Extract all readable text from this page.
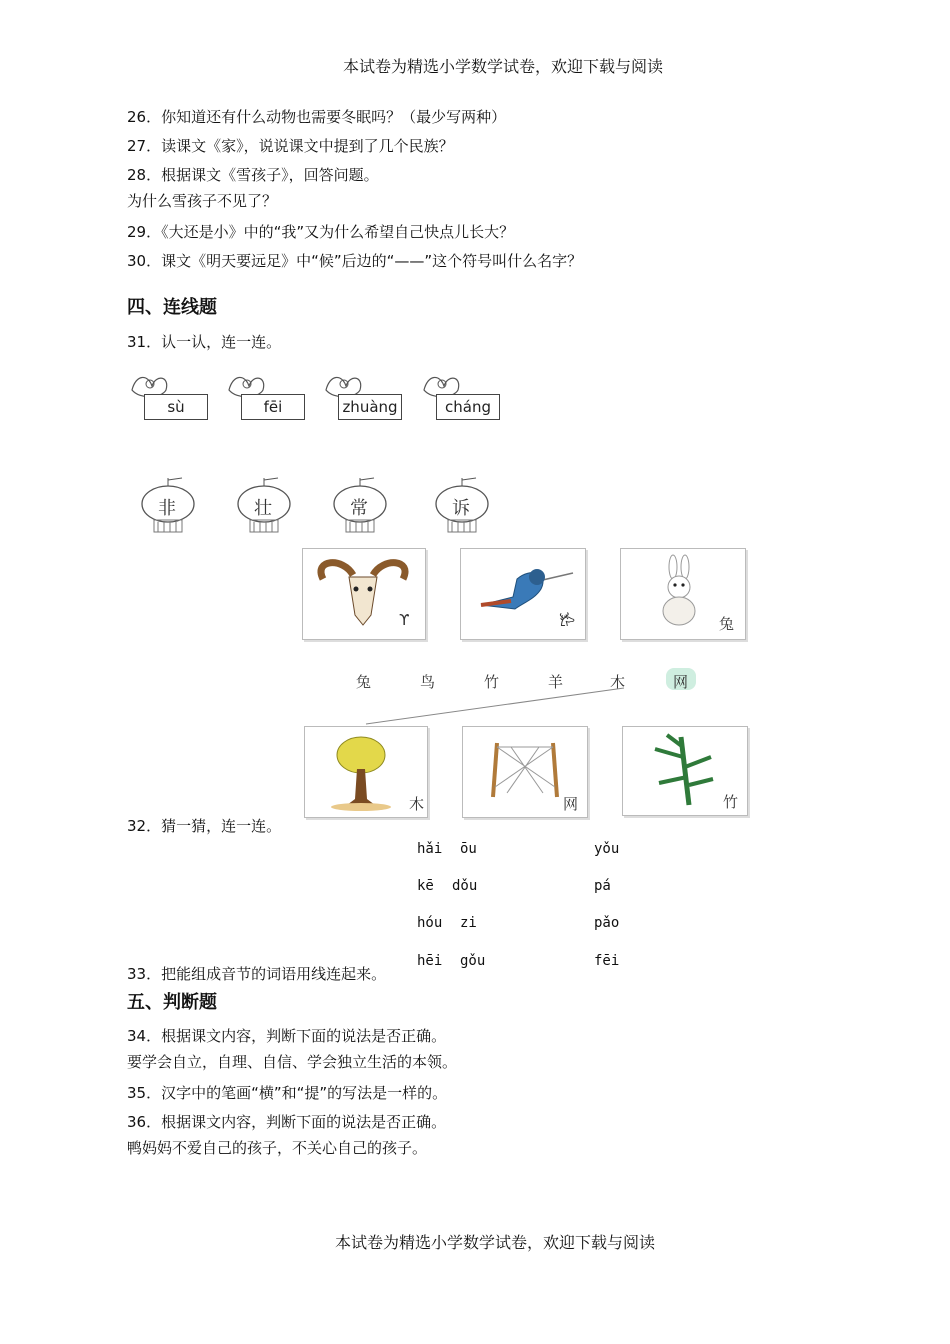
本试卷为精选小学数学试卷，欢迎下载与阅读
26．你知道还有什么动物也需要冬眠吗？（最少写两种）
27．读课文《家》，说说课文中提到了几个民族？
28．根据课文《雪孩子》，回答问题。
为什么雪孩子不见了？
29．《大还是小》中的“我”又为什么希望自己快点儿长大？
30．课文《明天要远足》中“候”后边的“——”这个符号叫什么名字？
四、连线题
31．认一认，连一连。
sù	fēi	zhuàng	cháng
非	壮	常	诉
ϒ	𐂂	兔
兔	鸟	竹	羊	木	网
木	网	竹
32．猜一猜，连一连。
hǎi ōu
kē dǒu
hóu zi
hēi gǒu
yǒu
pá
pǎo
fēi
33．把能组成音节的词语用线连起来。
五、判断题
34．根据课文内容，判断下面的说法是否正确。
要学会自立，自理、自信、学会独立生活的本领。
35．汉字中的笔画“横”和“提”的写法是一样的。
36．根据课文内容，判断下面的说法是否正确。
鸭妈妈不爱自己的孩子，不关心自己的孩子。
本试卷为精选小学数学试卷，欢迎下载与阅读
